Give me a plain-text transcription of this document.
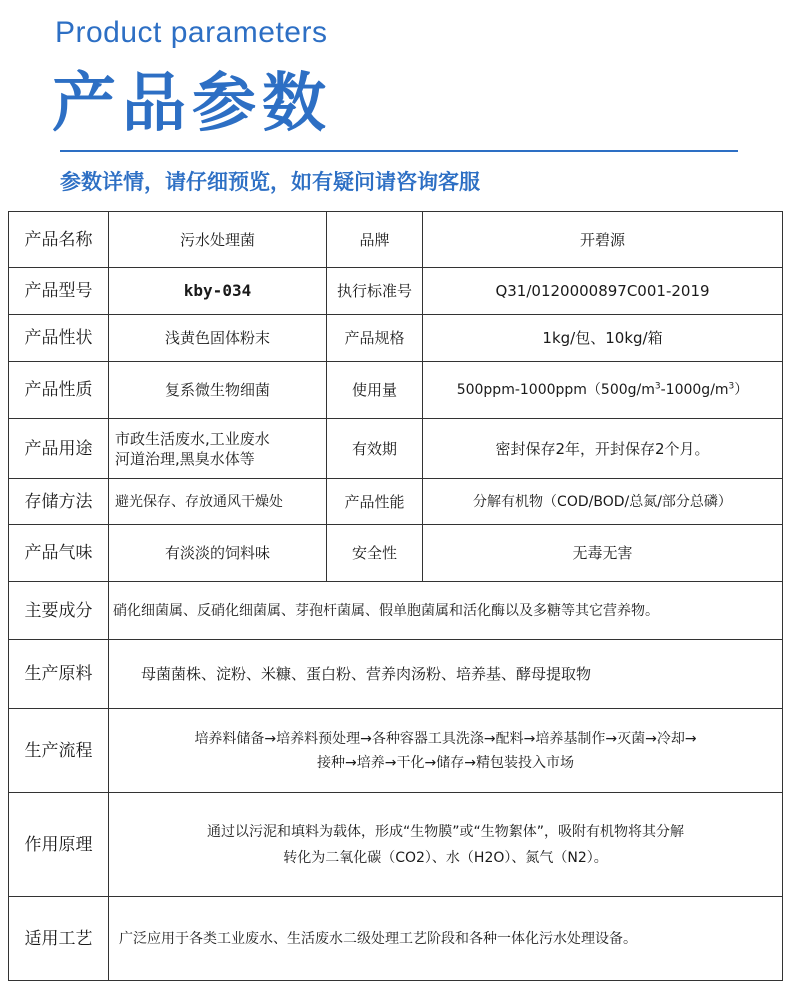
Product parameters
产品参数
参数详情，请仔细预览，如有疑问请咨询客服
产品名称	污水处理菌	品牌	开碧源
产品型号	kby-034	执行标准号	Q31/0120000897C001-2019
产品性状	浅黄色固体粉末	产品规格	1kg/包、10kg/箱
产品性质	复系微生物细菌	使用量	$500ppm-1000ppm(500g/m^3-1000g/m^3)$
产品用途	市政生活废水,工业废水
河道治理,黑臭水体等	有效期	密封保存2年，开封保存2个月。
存储方法	避光保存、存放通风干燥处	产品性能	分解有机物（COD/BOD/总氮/部分总磷）
产品气味	有淡淡的饲料味	安全性	无毒无害
主要成分	硝化细菌属、反硝化细菌属、芽孢杆菌属、假单胞菌属和活化酶以及多糖等其它营养物。		
生产原料	母菌菌株、淀粉、米糠、蛋白粉、营养肉汤粉、培养基、酵母提取物		
生产流程	培养料储备→培养料预处理→各种容器工具洗涤→配料→培养基制作→灭菌→冷却→
接种→培养→干化→储存→精包装投入市场		

作用原理	通过以污泥和填料为载体，形成“生物膜”或“生物絮体”，吸附有机物将其分解
转化为二氧化碳（CO2）、水（H2O）、氮气（N2）。		

适用工艺	广泛应用于各类工业废水、生活废水二级处理工艺阶段和各种一体化污水处理设备。		
